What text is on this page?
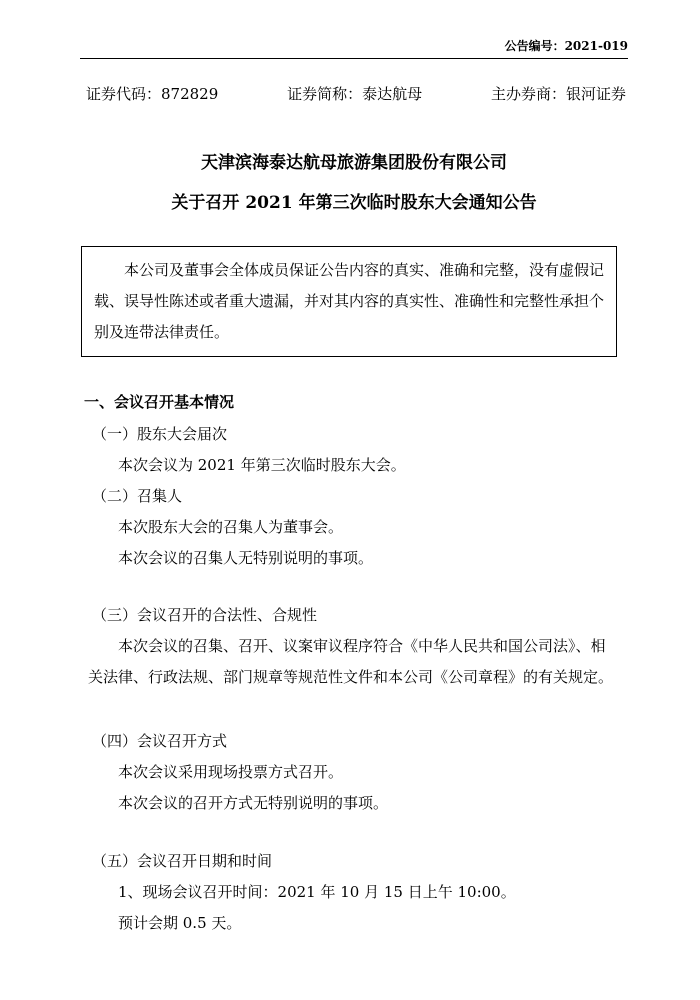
公告编号：2021-019
证券代码：872829	证券简称：泰达航母	主办券商：银河证券
天津滨海泰达航母旅游集团股份有限公司
关于召开 2021 年第三次临时股东大会通知公告
本公司及董事会全体成员保证公告内容的真实、准确和完整，没有虚假记载、误导性陈述或者重大遗漏，并对其内容的真实性、准确性和完整性承担个别及连带法律责任。
一、会议召开基本情况
（一）股东大会届次
本次会议为 2021 年第三次临时股东大会。
（二）召集人
本次股东大会的召集人为董事会。
本次会议的召集人无特别说明的事项。
（三）会议召开的合法性、合规性
本次会议的召集、召开、议案审议程序符合《中华人民共和国公司法》、相
关法律、行政法规、部门规章等规范性文件和本公司《公司章程》的有关规定。
（四）会议召开方式
本次会议采用现场投票方式召开。
本次会议的召开方式无特别说明的事项。
（五）会议召开日期和时间
1、现场会议召开时间：2021 年 10 月 15 日上午 10:00。
预计会期 0.5 天。
